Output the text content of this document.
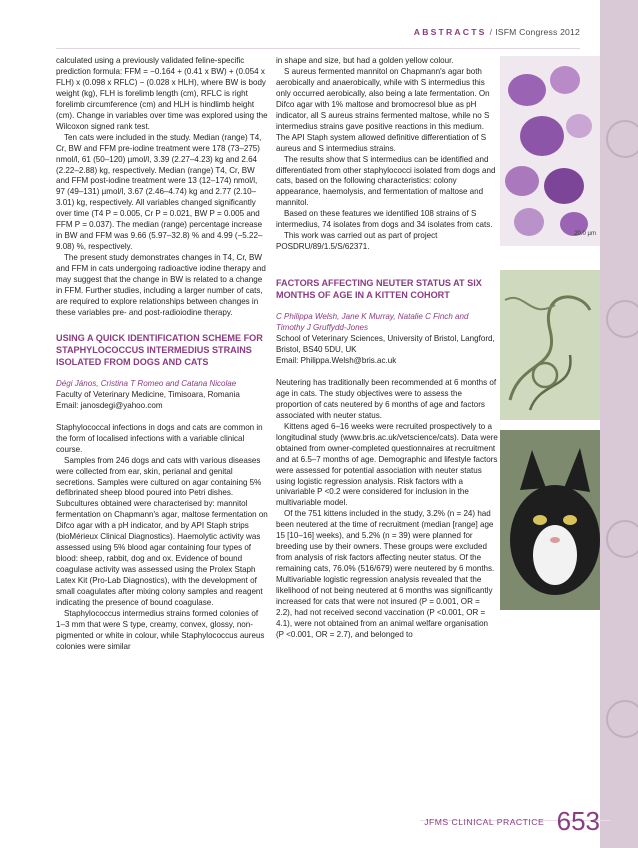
ABSTRACTS / ISFM Congress 2012

calculated using a previously validated feline-specific prediction formula: FFM = −0.164 + (0.41 x BW) + (0.054 x FLH) x (0.098 x RFLC) − (0.028 x HLH), where BW is body weight (kg), FLH is forelimb length (cm), RFLC is right forelimb circumference (cm) and HLH is hindlimb height (cm). Change in variables over time was explored using the Wilcoxon signed rank test.

Ten cats were included in the study. Median (range) T4, Cr, BW and FFM pre-iodine treatment were 178 (73–275) nmol/l, 61 (50–120) µmol/l, 3.39 (2.27–4.23) kg and 2.64 (2.22–2.88) kg, respectively. Median (range) T4, Cr, BW and FFM post-iodine treatment were 13 (12–174) nmol/l, 97 (49–131) µmol/l, 3.67 (2.46–4.74) kg and 2.77 (2.10–3.01) kg, respectively. All variables changed significantly over time (T4 P = 0.005, Cr P = 0.021, BW P = 0.005 and FFM P = 0.037). The median (range) percentage increase in BW and FFM was 9.66 (5.97–32.8) % and 4.99 (−5.22–9.08) %, respectively.

The present study demonstrates changes in T4, Cr, BW and FFM in cats undergoing radioactive iodine therapy and may suggest that the change in BW is related to a change in FFM. Further studies, including a larger number of cats, are required to explore relationships between changes in these variables pre- and post-radioiodine therapy.

USING A QUICK IDENTIFICATION SCHEME FOR STAPHYLOCOCCUS INTERMEDIUS STRAINS ISOLATED FROM DOGS AND CATS

Dégi János, Cristina T Romeo and Catana Nicolae

Faculty of Veterinary Medicine, Timisoara, Romania

Email: janosdegi@yahoo.com

Staphylococcal infections in dogs and cats are common in the form of localised infections with a variable clinical course.

Samples from 246 dogs and cats with various diseases were collected from ear, skin, perianal and genital secretions. Samples were cultured on agar containing 5% defibrinated sheep blood poured into Petri dishes. Subcultures obtained were characterised by: mannitol fermentation on Chapmann's agar, maltose fermentation on Difco agar with a pH indicator, and by API Staph strips (bioMérieux Clinical Diagnostics). Haemolytic activity was assessed using 5% blood agar containing four types of blood: sheep, rabbit, dog and ox. Evidence of bound coagulase activity was assessed using the Prolex Staph Latex Kit (Pro-Lab Diagnostics), with the development of small coagulates after mixing colony samples and reagent indicating the presence of bound coagulase.

Staphylococcus intermedius strains formed colonies of 1–3 mm that were S type, creamy, convex, glossy, non-pigmented or white in colour, while Staphylococcus aureus colonies were similar

in shape and size, but had a golden yellow colour.

S aureus fermented mannitol on Chapmann's agar both aerobically and anaerobically, while with S intermedius this only occurred aerobically, also being a late fermentation. On Difco agar with 1% maltose and bromocresol blue as pH indicator, all S aureus strains fermented maltose, while no S intermedius strains gave positive reactions in this medium. The API Staph system allowed definitive differentiation of S aureus and S intermedius strains.

The results show that S intermedius can be identified and differentiated from other staphylococci isolated from dogs and cats, based on the following characteristics: colony appearance, haemolysis, and fermentation of maltose and mannitol.

Based on these features we identified 108 strains of S intermedius, 74 isolates from dogs and 34 isolates from cats.

This work was carried out as part of project POSDRU/89/1.5/S/62371.

FACTORS AFFECTING NEUTER STATUS AT SIX MONTHS OF AGE IN A KITTEN COHORT

C Philippa Welsh, Jane K Murray, Natalie C Finch and Timothy J Gruffydd-Jones

School of Veterinary Sciences, University of Bristol, Langford, Bristol, BS40 5DU, UK

Email: Philippa.Welsh@bris.ac.uk

Neutering has traditionally been recommended at 6 months of age in cats. The study objectives were to assess the proportion of cats neutered by 6 months of age and factors associated with neuter status.

Kittens aged 6–16 weeks were recruited prospectively to a longitudinal study (www.bris.ac.uk/vetscience/cats). Data were obtained from owner-completed questionnaires at recruitment and at 6.5–7 months of age. Demographic and lifestyle factors were assessed for potential association with neuter status using logistic regression analysis. Risk factors with a univariable P <0.2 were considered for inclusion in the multivariable model.

Of the 751 kittens included in the study, 3.2% (n = 24) had been neutered at the time of recruitment (median [range] age 15 [10–16] weeks), and 5.2% (n = 39) were planned for breeding use by their owners. These groups were excluded from analysis of risk factors affecting neuter status. Of the remaining cats, 76.0% (516/679) were neutered by 6 months. Multivariable logistic regression analysis revealed that the likelihood of not being neutered at 6 months was significantly increased for cats that were not insured (P = 0.001, OR = 2.2), had not received second vaccination (P <0.001, OR = 4.1), were not obtained from an animal welfare organisation (P <0.001, OR = 2.7), and belonged to

20.0 µm
JFMS CLINICAL PRACTICE 653
